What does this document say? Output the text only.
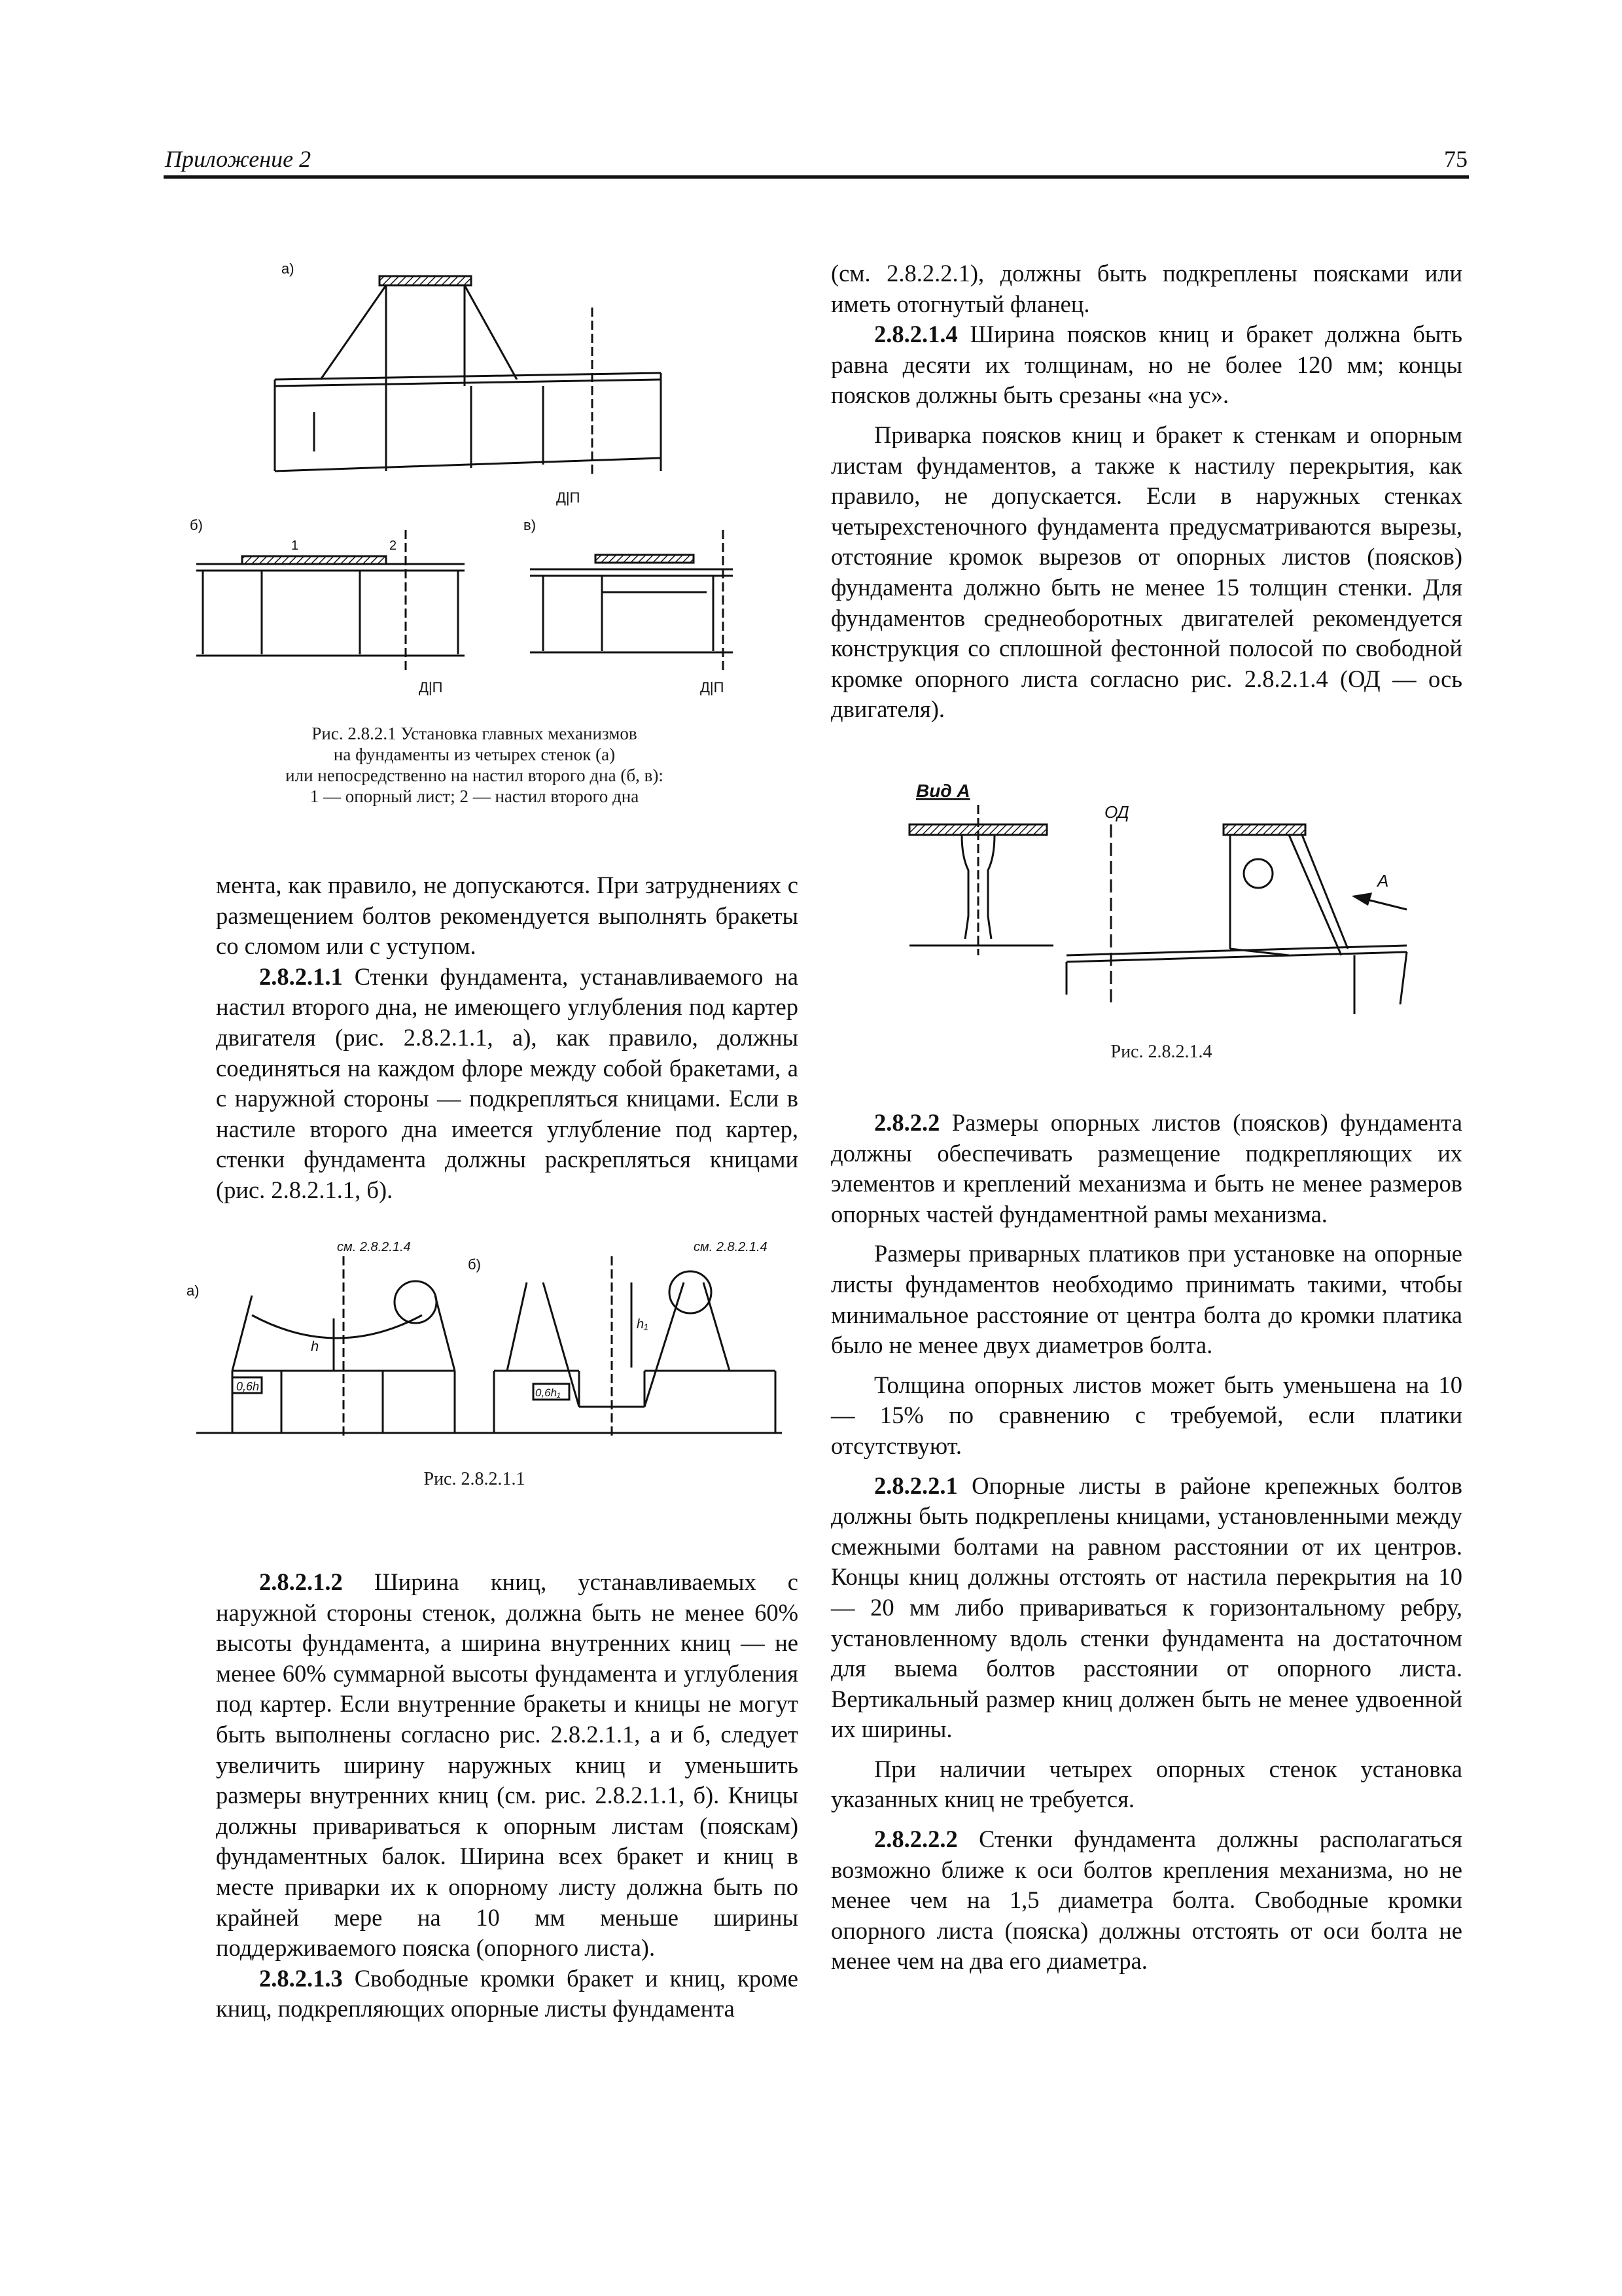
Приложение 2	75
а)
Д|П
б)
1	2
Д|П
в)
Д|П
Рис. 2.8.2.1 Установка главных механизмов
на фундаменты из четырех стенок (а)
или непосредственно на настил второго дна (б, в):
1 — опорный лист; 2 — настил второго дна

мента, как правило, не допускаются. При затруднениях с размещением болтов рекомендуется выполнять бракеты со сломом или с уступом.

2.8.2.1.1 Стенки фундамента, устанавливаемого на настил второго дна, не имеющего углубления под картер двигателя (рис. 2.8.2.1.1, а), как правило, должны соединяться на каждом флоре между собой бракетами, а с наружной стороны — подкрепляться кницами. Если в настиле второго дна имеется углубление под картер, стенки фундамента должны раскрепляться кницами (рис. 2.8.2.1.1, б).

а)
см. 2.8.2.1.4
h
0,6h
б)
см. 2.8.2.1.4
h₁
0,6h₁
Рис. 2.8.2.1.1

2.8.2.1.2 Ширина книц, устанавливаемых с наружной стороны стенок, должна быть не менее 60% высоты фундамента, а ширина внутренних книц — не менее 60% суммарной высоты фундамента и углубления под картер. Если внутренние бракеты и кницы не могут быть выполнены согласно рис. 2.8.2.1.1, а и б, следует увеличить ширину наружных книц и уменьшить размеры внутренних книц (см. рис. 2.8.2.1.1, б). Кницы должны привариваться к опорным листам (пояскам) фундаментных балок. Ширина всех бракет и книц в месте приварки их к опорному листу должна быть по крайней мере на 10 мм меньше ширины поддерживаемого пояска (опорного листа).

2.8.2.1.3 Свободные кромки бракет и книц, кроме книц, подкрепляющих опорные листы фундамента

(см. 2.8.2.2.1), должны быть подкреплены поясками или иметь отогнутый фланец.

2.8.2.1.4 Ширина поясков книц и бракет должна быть равна десяти их толщинам, но не более 120 мм; концы поясков должны быть срезаны «на ус».

Приварка поясков книц и бракет к стенкам и опорным листам фундаментов, а также к настилу перекрытия, как правило, не допускается. Если в наружных стенках четырехстеночного фундамента предусматриваются вырезы, отстояние кромок вырезов от опорных листов (поясков) фундамента должно быть не менее 15 толщин стенки. Для фундаментов среднеоборотных двигателей рекомендуется конструкция со сплошной фестонной полосой по свободной кромке опорного листа согласно рис. 2.8.2.1.4 (ОД — ось двигателя).

Вид А
ОД
А
Рис. 2.8.2.1.4

2.8.2.2 Размеры опорных листов (поясков) фундамента должны обеспечивать размещение подкрепляющих их элементов и креплений механизма и быть не менее размеров опорных частей фундаментной рамы механизма.

Размеры приварных платиков при установке на опорные листы фундаментов необходимо принимать такими, чтобы минимальное расстояние от центра болта до кромки платика было не менее двух диаметров болта.

Толщина опорных листов может быть уменьшена на 10 — 15% по сравнению с требуемой, если платики отсутствуют.

2.8.2.2.1 Опорные листы в районе крепежных болтов должны быть подкреплены кницами, установленными между смежными болтами на равном расстоянии от их центров. Концы книц должны отстоять от настила перекрытия на 10 — 20 мм либо привариваться к горизонтальному ребру, установленному вдоль стенки фундамента на достаточном для выема болтов расстоянии от опорного листа. Вертикальный размер книц должен быть не менее удвоенной их ширины.

При наличии четырех опорных стенок установка указанных книц не требуется.

2.8.2.2.2 Стенки фундамента должны располагаться возможно ближе к оси болтов крепления механизма, но не менее чем на 1,5 диаметра болта. Свободные кромки опорного листа (пояска) должны отстоять от оси болта не менее чем на два его диаметра.
